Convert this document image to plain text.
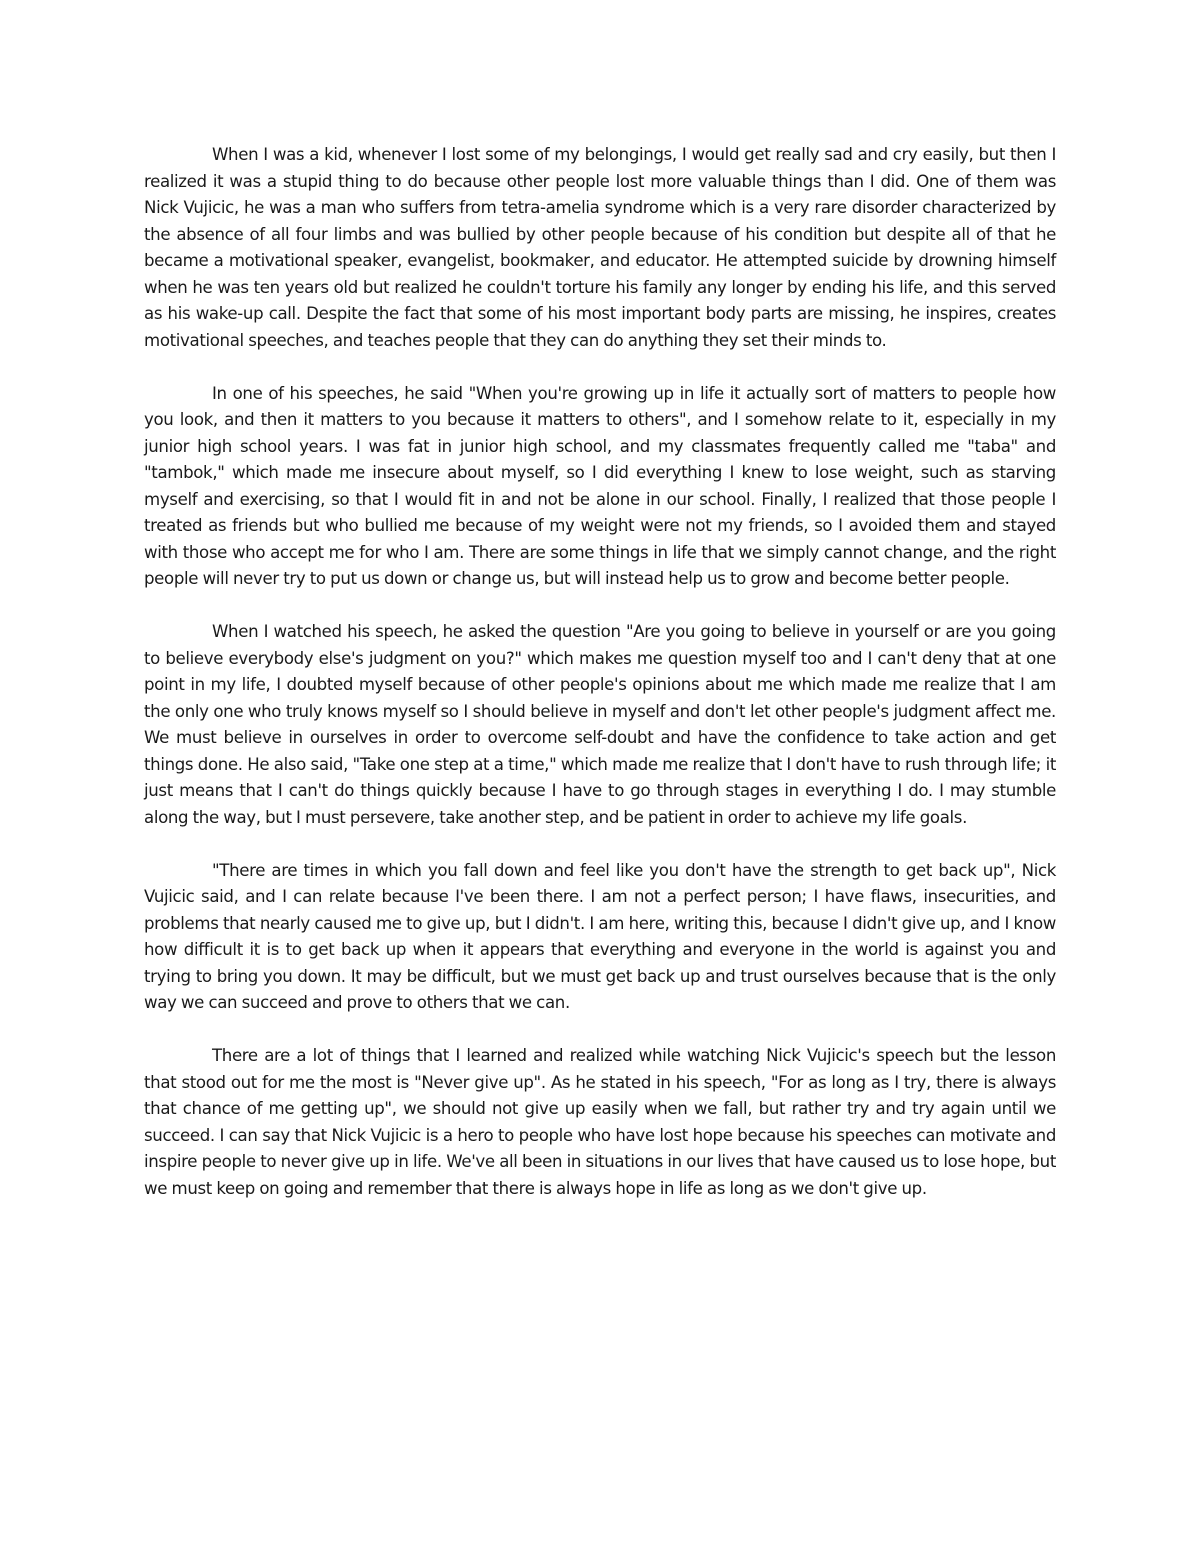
When I was a kid, whenever I lost some of my belongings, I would get really sad and cry easily, but then I realized it was a stupid thing to do because other people lost more valuable things than I did. One of them was Nick Vujicic, he was a man who suffers from tetra-amelia syndrome which is a very rare disorder characterized by the absence of all four limbs and was bullied by other people because of his condition but despite all of that he became a motivational speaker, evangelist, bookmaker, and educator. He attempted suicide by drowning himself when he was ten years old but realized he couldn't torture his family any longer by ending his life, and this served as his wake-up call. Despite the fact that some of his most important body parts are missing, he inspires, creates motivational speeches, and teaches people that they can do anything they set their minds to.

In one of his speeches, he said "When you're growing up in life it actually sort of matters to people how you look, and then it matters to you because it matters to others", and I somehow relate to it, especially in my junior high school years. I was fat in junior high school, and my classmates frequently called me "taba" and "tambok," which made me insecure about myself, so I did everything I knew to lose weight, such as starving myself and exercising, so that I would fit in and not be alone in our school. Finally, I realized that those people I treated as friends but who bullied me because of my weight were not my friends, so I avoided them and stayed with those who accept me for who I am. There are some things in life that we simply cannot change, and the right people will never try to put us down or change us, but will instead help us to grow and become better people.

When I watched his speech, he asked the question "Are you going to believe in yourself or are you going to believe everybody else's judgment on you?" which makes me question myself too and I can't deny that at one point in my life, I doubted myself because of other people's opinions about me which made me realize that I am the only one who truly knows myself so I should believe in myself and don't let other people's judgment affect me. We must believe in ourselves in order to overcome self-doubt and have the confidence to take action and get things done. He also said, "Take one step at a time," which made me realize that I don't have to rush through life; it just means that I can't do things quickly because I have to go through stages in everything I do. I may stumble along the way, but I must persevere, take another step, and be patient in order to achieve my life goals.

"There are times in which you fall down and feel like you don't have the strength to get back up", Nick Vujicic said, and I can relate because I've been there. I am not a perfect person; I have flaws, insecurities, and problems that nearly caused me to give up, but I didn't. I am here, writing this, because I didn't give up, and I know how difficult it is to get back up when it appears that everything and everyone in the world is against you and trying to bring you down. It may be difficult, but we must get back up and trust ourselves because that is the only way we can succeed and prove to others that we can.

There are a lot of things that I learned and realized while watching Nick Vujicic's speech but the lesson that stood out for me the most is "Never give up". As he stated in his speech, "For as long as I try, there is always that chance of me getting up", we should not give up easily when we fall, but rather try and try again until we succeed. I can say that Nick Vujicic is a hero to people who have lost hope because his speeches can motivate and inspire people to never give up in life. We've all been in situations in our lives that have caused us to lose hope, but we must keep on going and remember that there is always hope in life as long as we don't give up.
